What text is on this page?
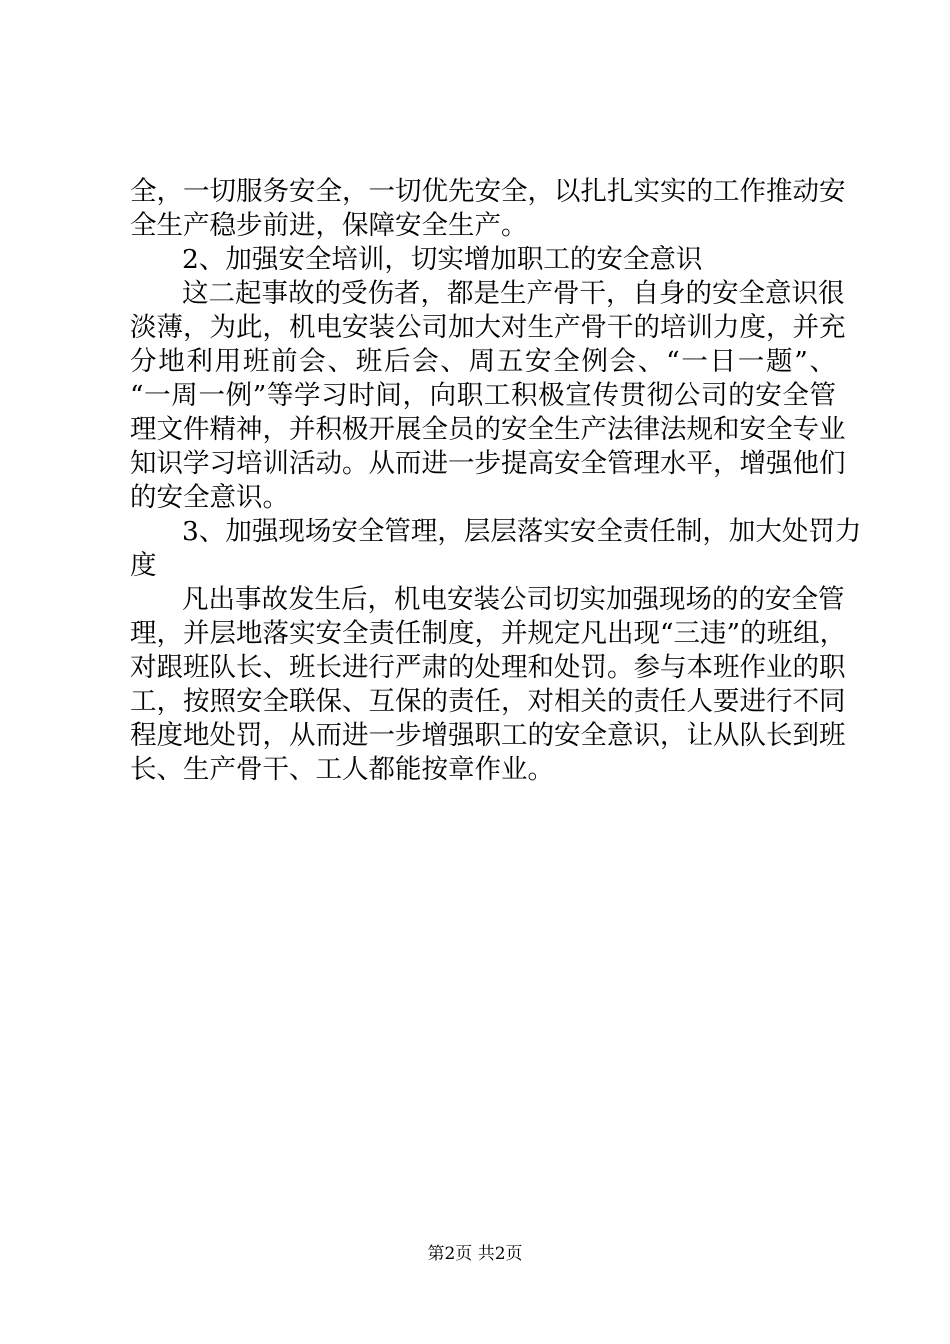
全，一切服务安全，一切优先安全，以扎扎实实的工作推动安
全生产稳步前进，保障安全生产。
2、加强安全培训，切实增加职工的安全意识
这二起事故的受伤者，都是生产骨干，自身的安全意识很
淡薄，为此，机电安装公司加大对生产骨干的培训力度，并充
分地利用班前会、班后会、周五安全例会、“一日一题”、
“一周一例”等学习时间，向职工积极宣传贯彻公司的安全管
理文件精神，并积极开展全员的安全生产法律法规和安全专业
知识学习培训活动。从而进一步提高安全管理水平，增强他们
的安全意识。
3、加强现场安全管理，层层落实安全责任制，加大处罚力
度
凡出事故发生后，机电安装公司切实加强现场的的安全管
理，并层地落实安全责任制度，并规定凡出现“三违”的班组，
对跟班队长、班长进行严肃的处理和处罚。参与本班作业的职
工，按照安全联保、互保的责任，对相关的责任人要进行不同
程度地处罚，从而进一步增强职工的安全意识，让从队长到班
长、生产骨干、工人都能按章作业。
第2页 共2页
